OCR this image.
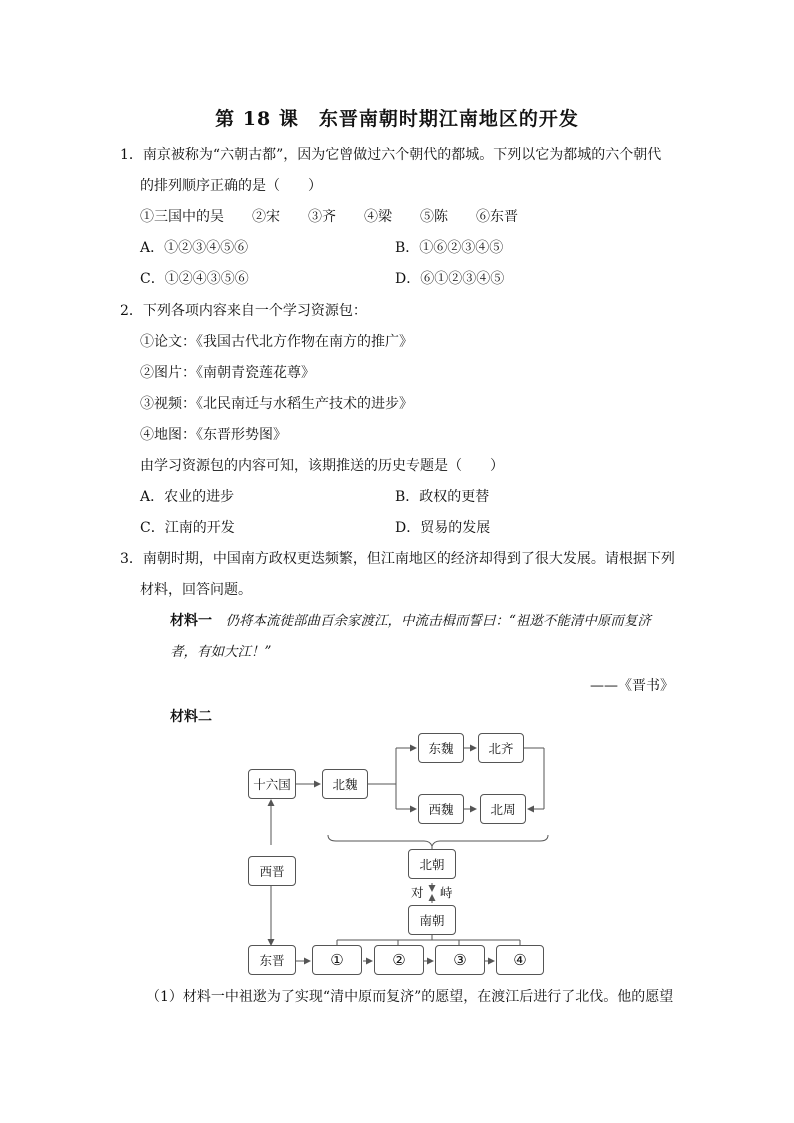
第 18 课　东晋南朝时期江南地区的开发
1．南京被称为“六朝古都”，因为它曾做过六个朝代的都城。下列以它为都城的六个朝代
的排列顺序正确的是（　　）
①三国中的吴　　②宋　　③齐　　④梁　　⑤陈　　⑥东晋
A．①②③④⑤⑥	B．①⑥②③④⑤
C．①②④③⑤⑥	D．⑥①②③④⑤
2．下列各项内容来自一个学习资源包：
①论文：《我国古代北方作物在南方的推广》
②图片：《南朝青瓷莲花尊》
③视频：《北民南迁与水稻生产技术的进步》
④地图：《东晋形势图》
由学习资源包的内容可知，该期推送的历史专题是（　　）
A．农业的进步	B．政权的更替
C．江南的开发	D．贸易的发展
3．南朝时期，中国南方政权更迭频繁，但江南地区的经济却得到了很大发展。请根据下列
材料，回答问题。
材料一　仍将本流徙部曲百余家渡江，中流击楫而誓曰：“祖逖不能清中原而复济
者，有如大江！”
——《晋书》
材料二
十六国	北魏
东魏	北齐
西魏	北周
西晋	北朝
对 峙
南朝
东晋	①	②	③	④
（1）材料一中祖逖为了实现“清中原而复济”的愿望，在渡江后进行了北伐。他的愿望
